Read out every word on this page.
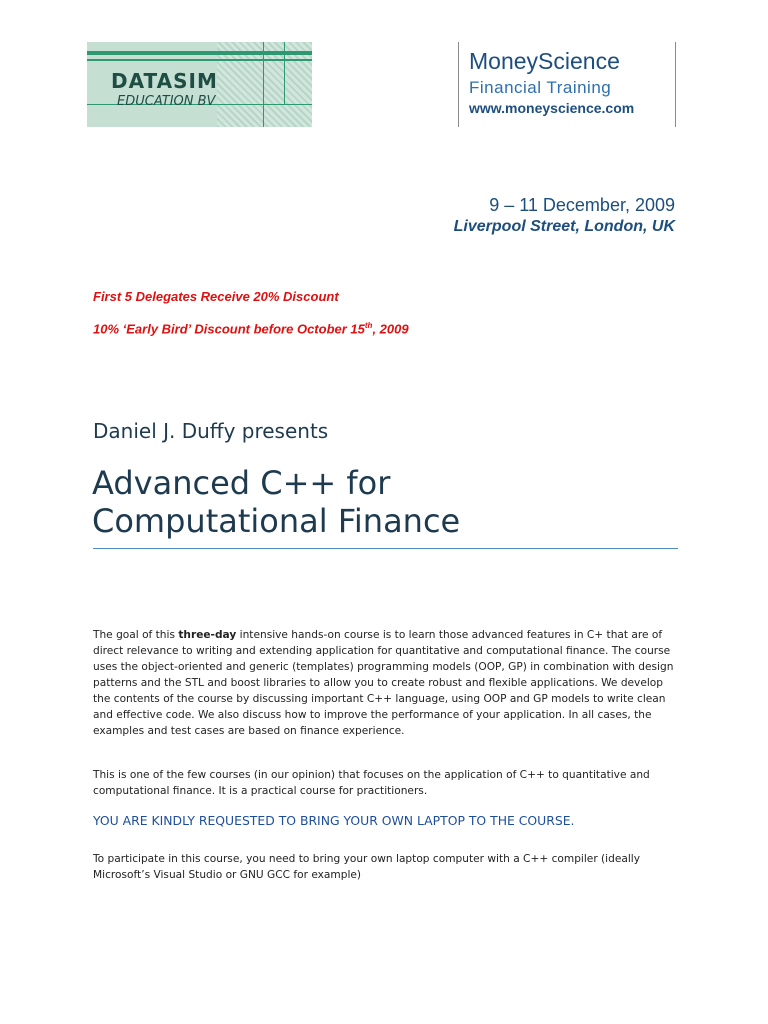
DATASIM
EDUCATION BV
MoneyScience
Financial Training
www.moneyscience.com
9 – 11 December, 2009
Liverpool Street, London, UK
First 5 Delegates Receive 20% Discount
10% ‘Early Bird’ Discount before October 15th, 2009
Daniel J. Duffy presents
Advanced C++ for
Computational Finance

The goal of this three-day intensive hands-on course is to learn those advanced features in C+ that are of direct relevance to writing and extending application for quantitative and computational finance. The course uses the object-oriented and generic (templates) programming models (OOP, GP) in combination with design patterns and the STL and boost libraries to allow you to create robust and flexible applications. We develop the contents of the course by discussing important C++ language, using OOP and GP models to write clean and effective code. We also discuss how to improve the performance of your application. In all cases, the examples and test cases are based on finance experience.

This is one of the few courses (in our opinion) that focuses on the application of C++ to quantitative and computational finance. It is a practical course for practitioners.

YOU ARE KINDLY REQUESTED TO BRING YOUR OWN LAPTOP TO THE COURSE.

To participate in this course, you need to bring your own laptop computer with a C++ compiler (ideally Microsoft’s Visual Studio or GNU GCC for example)
